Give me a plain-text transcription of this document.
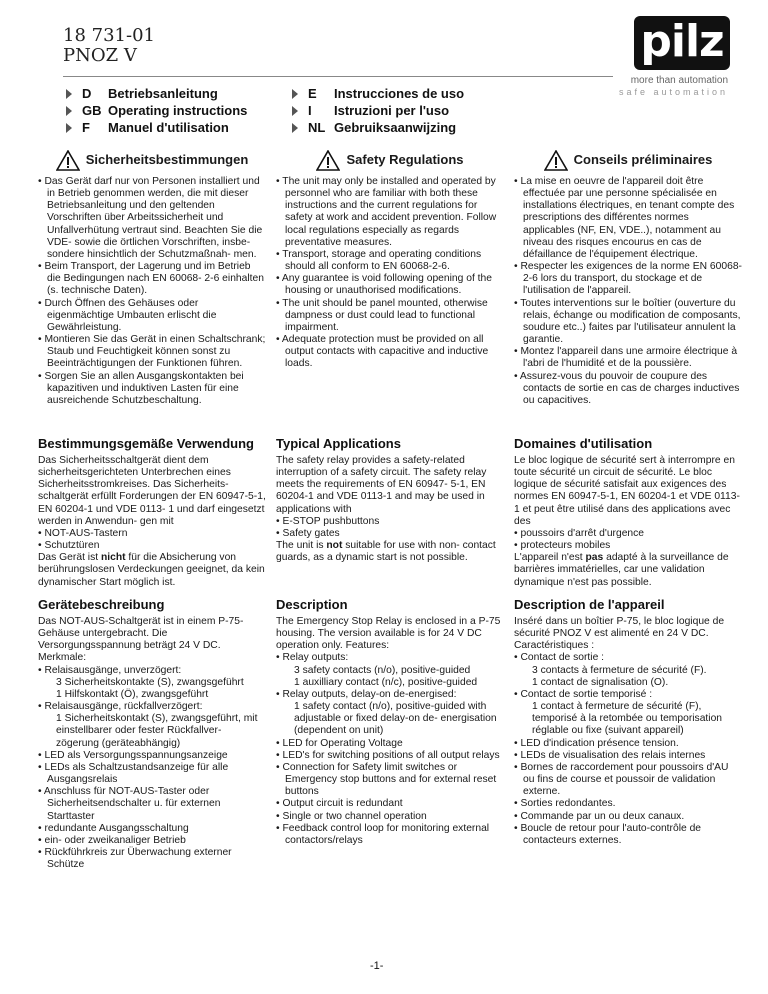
18 731-01
PNOZ V	pilz
more than automation
safe automation
D	Betriebsanleitung
GB Operating instructions
F	Manuel d'utilisation
E	Instrucciones de uso
I	Istruzioni per l'uso
NL Gebruiksaanwijzing
Sicherheitsbestimmungen

• Das Gerät darf nur von Personen installiert und in Betrieb genommen werden, die mit dieser Betriebsanleitung und den geltenden Vorschriften über Arbeitssicherheit und Unfallverhütung vertraut sind. Beachten Sie die VDE- sowie die örtlichen Vorschriften, insbe- sondere hinsichtlich der Schutzmaßnah- men.

• Beim Transport, der Lagerung und im Betrieb die Bedingungen nach EN 60068- 2-6 einhalten (s. technische Daten).

• Durch Öffnen des Gehäuses oder eigenmächtige Umbauten erlischt die Gewährleistung.

• Montieren Sie das Gerät in einen Schaltschrank; Staub und Feuchtigkeit können sonst zu Beeinträchtigungen der Funktionen führen.

• Sorgen Sie an allen Ausgangskontakten bei kapazitiven und induktiven Lasten für eine ausreichende Schutzbeschaltung.

Safety Regulations

• The unit may only be installed and operated by personnel who are familiar with both these instructions and the current regulations for safety at work and accident prevention. Follow local regulations especially as regards preventative measures.

• Transport, storage and operating conditions should all conform to EN 60068-2-6.

• Any guarantee is void following opening of the housing or unauthorised modifications.

• The unit should be panel mounted, otherwise dampness or dust could lead to functional impairment.

• Adequate protection must be provided on all output contacts with capacitive and inductive loads.

Conseils préliminaires

• La mise en oeuvre de l'appareil doit être effectuée par une personne spécialisée en installations électriques, en tenant compte des prescriptions des différentes normes applicables (NF, EN, VDE..), notamment au niveau des risques encourus en cas de défaillance de l'équipement électrique.

• Respecter les exigences de la norme EN 60068-2-6 lors du transport, du stockage et de l'utilisation de l'appareil.

• Toutes interventions sur le boîtier (ouverture du relais, échange ou modification de composants, soudure etc..) faites par l'utilisateur annulent la garantie.

• Montez l'appareil dans une armoire électrique à l'abri de l'humidité et de la poussière.

• Assurez-vous du pouvoir de coupure des contacts de sortie en cas de charges inductives ou capacitives.

Bestimmungsgemäße Verwendung

Das Sicherheitsschaltgerät dient dem sicherheitsgerichteten Unterbrechen eines Sicherheitsstromkreises. Das Sicherheits- schaltgerät erfüllt Forderungen der EN 60947-5-1, EN 60204-1 und VDE 0113- 1 und darf eingesetzt werden in Anwendun- gen mit

• NOT-AUS-Tastern

• Schutztüren

Das Gerät ist nicht für die Absicherung von berührungslosen Verdeckungen geeignet, da kein dynamischer Start möglich ist.

Typical Applications

The safety relay provides a safety-related interruption of a safety circuit. The safety relay meets the requirements of EN 60947- 5-1, EN 60204-1 and VDE 0113-1 and may be used in applications with

• E-STOP pushbuttons

• Safety gates

The unit is not suitable for use with non- contact guards, as a dynamic start is not possible.

Domaines d'utilisation

Le bloc logique de sécurité sert à interrompre en toute sécurité un circuit de sécurité. Le bloc logique de sécurité satisfait aux exigences des normes EN 60947-5-1, EN 60204-1 et VDE 0113-1 et peut être utilisé dans des applications avec des

• poussoirs d'arrêt d'urgence

• protecteurs mobiles

L'appareil n'est pas adapté à la surveillance de barrières immatérielles, car une validation dynamique n'est pas possible.

Gerätebeschreibung

Das NOT-AUS-Schaltgerät ist in einem P-75-Gehäuse untergebracht. Die Versorgungsspannung beträgt 24 V DC. Merkmale:

• Relaisausgänge, unverzögert:

3 Sicherheitskontakte (S), zwangsgeführt

1 Hilfskontakt (Ö), zwangsgeführt

• Relaisausgänge, rückfallverzögert:

1 Sicherheitskontakt (S), zwangsgeführt, mit einstellbarer oder fester Rückfallver- zögerung (geräteabhängig)

• LED als Versorgungsspannungsanzeige

• LEDs als Schaltzustandsanzeige für alle Ausgangsrelais

• Anschluss für NOT-AUS-Taster oder Sicherheitsendschalter u. für externen Starttaster

• redundante Ausgangsschaltung

• ein- oder zweikanaliger Betrieb

• Rückführkreis zur Überwachung externer Schütze

Description

The Emergency Stop Relay is enclosed in a P-75 housing. The version available is for 24 V DC operation only. Features:

• Relay outputs:

3 safety contacts (n/o), positive-guided

1 auxilliary contact (n/c), positive-guided

• Relay outputs, delay-on de-energised:

1 safety contact (n/o), positive-guided with adjustable or fixed delay-on de- energisation (dependent on unit)

• LED for Operating Voltage

• LED's for switching positions of all output relays

• Connection for Safety limit switches or Emergency stop buttons and for external reset buttons

• Output circuit is redundant

• Single or two channel operation

• Feedback control loop for monitoring external contactors/relays

Description de l'appareil

Inséré dans un boîtier P-75, le bloc logique de sécurité PNOZ V est alimenté en 24 V DC. Caractéristiques :

• Contact de sortie :

3 contacts à fermeture de sécurité (F).

1 contact de signalisation (O).

• Contact de sortie temporisé :

1 contact à fermeture de sécurité (F), temporisé à la retombée ou temporisation réglable ou fixe (suivant appareil)

• LED d'indication présence tension.

• LEDs de visualisation des relais internes

• Bornes de raccordement pour poussoirs d'AU ou fins de course et poussoir de validation externe.

• Sorties redondantes.

• Commande par un ou deux canaux.

• Boucle de retour pour l'auto-contrôle de contacteurs externes.

-1-
